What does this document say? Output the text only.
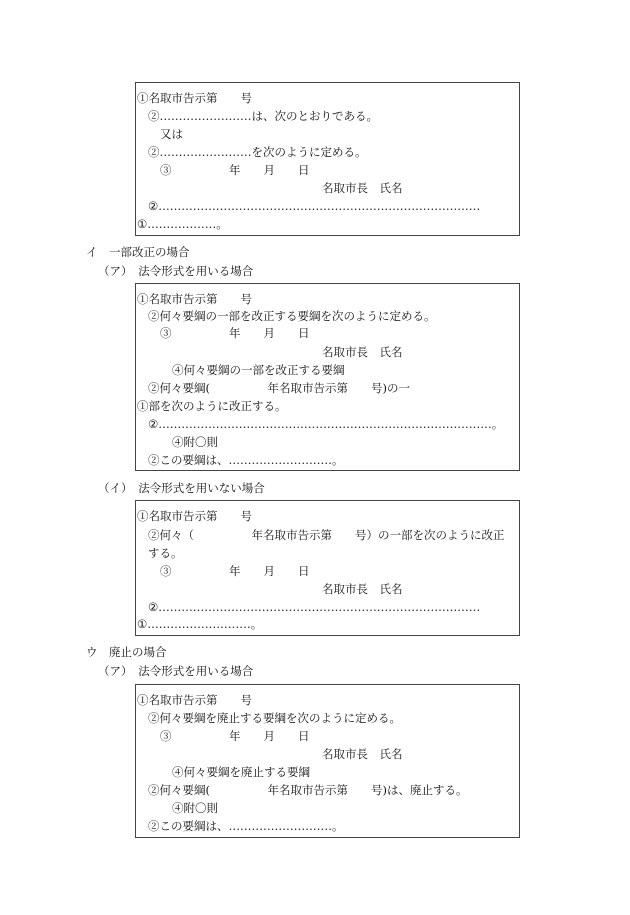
①名取市告示第　　号
②……………………は、次のとおりである。
又は
②……………………を次のように定める。
③　　　　　年　　月　　日
名取市長　氏名
②…………………………………………………………………………
①………………。
イ　一部改正の場合
（ア）　法令形式を用いる場合
①名取市告示第　　号
②何々要綱の一部を改正する要綱を次のように定める。
③　　　　　年　　月　　日
名取市長　氏名
④何々要綱の一部を改正する要綱
②何々要綱(　　　　　年名取市告示第　　号)の一
①部を次のように改正する。
②……………………………………………………………………………。
④附〇則
②この要綱は、………………………。
（イ）　法令形式を用いない場合
①名取市告示第　　号
②何々（　　　　　年名取市告示第　　号）の一部を次のように改正
する。
③　　　　　年　　月　　日
名取市長　氏名
②…………………………………………………………………………
①………………………。
ウ　廃止の場合
（ア）　法令形式を用いる場合
①名取市告示第　　号
②何々要綱を廃止する要綱を次のように定める。
③　　　　　年　　月　　日
名取市長　氏名
④何々要綱を廃止する要綱
②何々要綱(　　　　　年名取市告示第　　号)は、廃止する。
④附〇則
②この要綱は、………………………。
